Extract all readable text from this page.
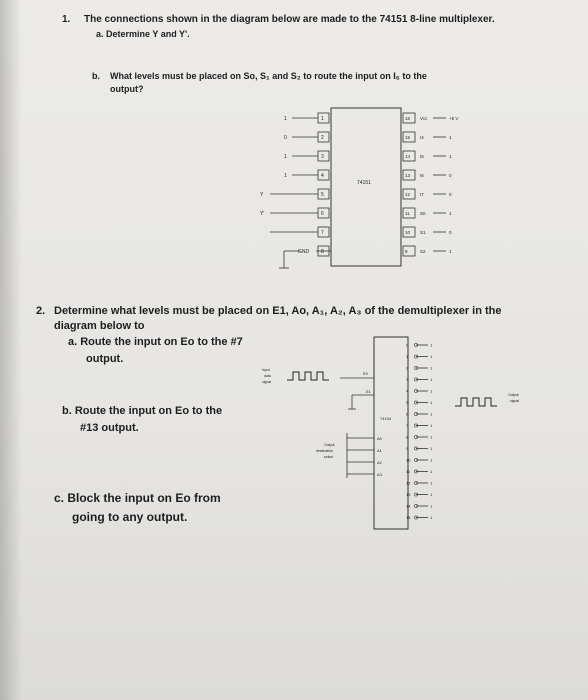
1. The connections shown in the diagram below are made to the 74151 8-line multiplexer.
a. Determine Y and Y'.
b. What levels must be placed on So, S₁ and S₂ to route the input on I₆ to the
output?
2. Determine what levels must be placed on E1, Ao, A₁, A₂, A₃ of the demultiplexer in the
diagram below to
a. Route the input on Eo to the #7
output.
b. Route the input on Eo to the
#13 output.
c. Block the input on Eo from
going to any output.
74151
1
1
2
0
3
1
4
1
5
Y
6
Y'
7
8
16 Vcc	+5 V
15 I4	1
14 I5	1
13 I6	0
12 I7	0
11 S0	1
10 S1	0
9	S2	1
GND
74154
Input
data
signal
E0
E1
Output
destination
select
A0
A1
A2
A3
0	1
1	1
2	1
3	1
4	1
5	1
6	1
7	1
8	1
9	1
10	1
11	1
12	1
13	1
14	1
15	1
Output
signal
